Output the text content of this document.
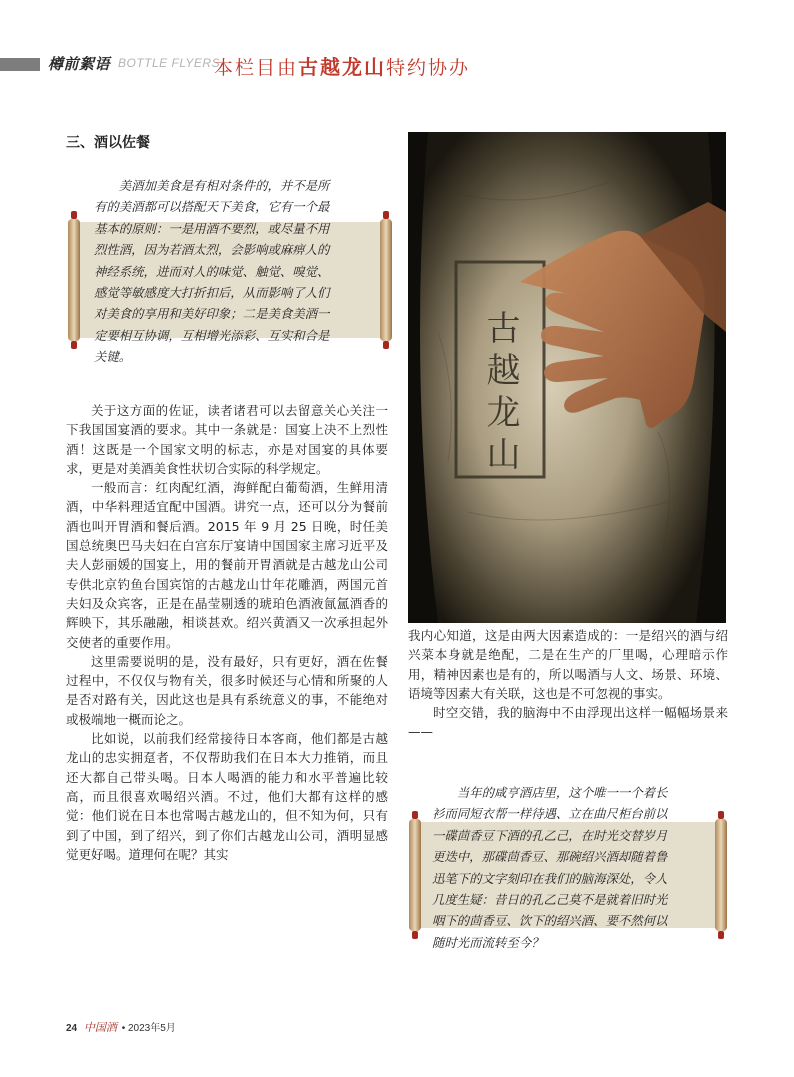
樽前絮语 BOTTLE FLYERS
本栏目由古越龙山特约协办
三、酒以佐餐
美酒加美食是有相对条件的，并不是所
有的美酒都可以搭配天下美食，它有一个最
基本的原则：一是用酒不要烈，或尽量不用
烈性酒，因为若酒太烈，会影响或麻痹人的
神经系统，进而对人的味觉、触觉、嗅觉、
感觉等敏感度大打折扣后，从而影响了人们
对美食的享用和美好印象；二是美食美酒一
定要相互协调，互相增光添彩、互实和合是
关键。

关于这方面的佐证，读者诸君可以去留意关心关注一下我国国宴酒的要求。其中一条就是：国宴上决不上烈性酒！这既是一个国家文明的标志，亦是对国宴的具体要求，更是对美酒美食性状切合实际的科学规定。

一般而言：红肉配红酒，海鲜配白葡萄酒，生鲜用清酒，中华料理适宜配中国酒。讲究一点，还可以分为餐前酒也叫开胃酒和餐后酒。2015 年 9 月 25 日晚，时任美国总统奥巴马夫妇在白宫东厅宴请中国国家主席习近平及夫人彭丽媛的国宴上，用的餐前开胃酒就是古越龙山公司专供北京钓鱼台国宾馆的古越龙山廿年花雕酒，两国元首夫妇及众宾客，正是在晶莹剔透的琥珀色酒液氤氲酒香的辉映下，其乐融融，相谈甚欢。绍兴黄酒又一次承担起外交使者的重要作用。

这里需要说明的是，没有最好，只有更好，酒在佐餐过程中，不仅仅与物有关，很多时候还与心情和所聚的人是否对路有关，因此这也是具有系统意义的事，不能绝对或极端地一概而论之。

比如说，以前我们经常接待日本客商，他们都是古越龙山的忠实拥趸者，不仅帮助我们在日本大力推销，而且还大都自己带头喝。日本人喝酒的能力和水平普遍比较高，而且很喜欢喝绍兴酒。不过，他们大都有这样的感觉：他们说在日本也常喝古越龙山的，但不知为何，只有到了中国，到了绍兴，到了你们古越龙山公司，酒明显感觉更好喝。道理何在呢？其实

古越龙山

我内心知道，这是由两大因素造成的：一是绍兴的酒与绍兴菜本身就是绝配，二是在生产的厂里喝，心理暗示作用，精神因素也是有的，所以喝酒与人文、场景、环境、语境等因素大有关联，这也是不可忽视的事实。

时空交错，我的脑海中不由浮现出这样一幅幅场景来——

当年的咸亨酒店里，这个唯一一个着长
衫而同短衣帮一样待遇、立在曲尺柜台前以
一碟茴香豆下酒的孔乙己，在时光交替岁月
更迭中，那碟茴香豆、那碗绍兴酒却随着鲁
迅笔下的文字刻印在我们的脑海深处，令人
几度生疑：昔日的孔乙己莫不是就着旧时光
咽下的茴香豆、饮下的绍兴酒、要不然何以
随时光而流转至今？
24 中国酒 • 2023年5月
